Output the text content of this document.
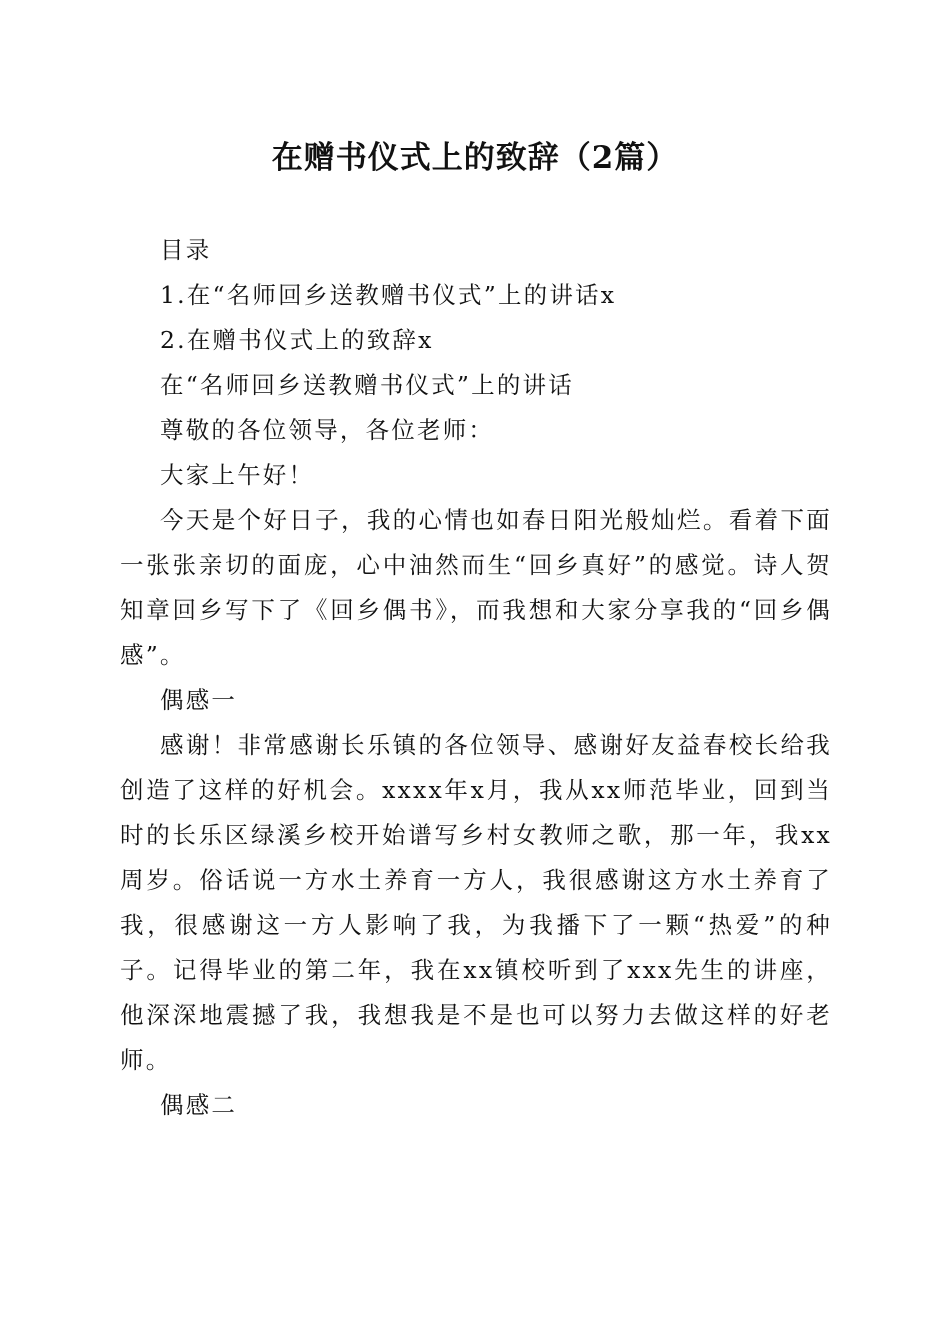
在赠书仪式上的致辞（2篇）

目录

1.在“名师回乡送教赠书仪式”上的讲话x

2.在赠书仪式上的致辞x

在“名师回乡送教赠书仪式”上的讲话

尊敬的各位领导，各位老师：

大家上午好！

今天是个好日子，我的心情也如春日阳光般灿烂。看着下面一张张亲切的面庞，心中油然而生“回乡真好”的感觉。诗人贺知章回乡写下了《回乡偶书》，而我想和大家分享我的“回乡偶感”。

偶感一

感谢！非常感谢长乐镇的各位领导、感谢好友益春校长给我创造了这样的好机会。xxxx年x月，我从xx师范毕业，回到当时的长乐区绿溪乡校开始谱写乡村女教师之歌，那一年，我xx周岁。俗话说一方水土养育一方人，我很感谢这方水土养育了我，很感谢这一方人影响了我，为我播下了一颗“热爱”的种子。记得毕业的第二年，我在xx镇校听到了xxx先生的讲座，他深深地震撼了我，我想我是不是也可以努力去做这样的好老师。

偶感二
